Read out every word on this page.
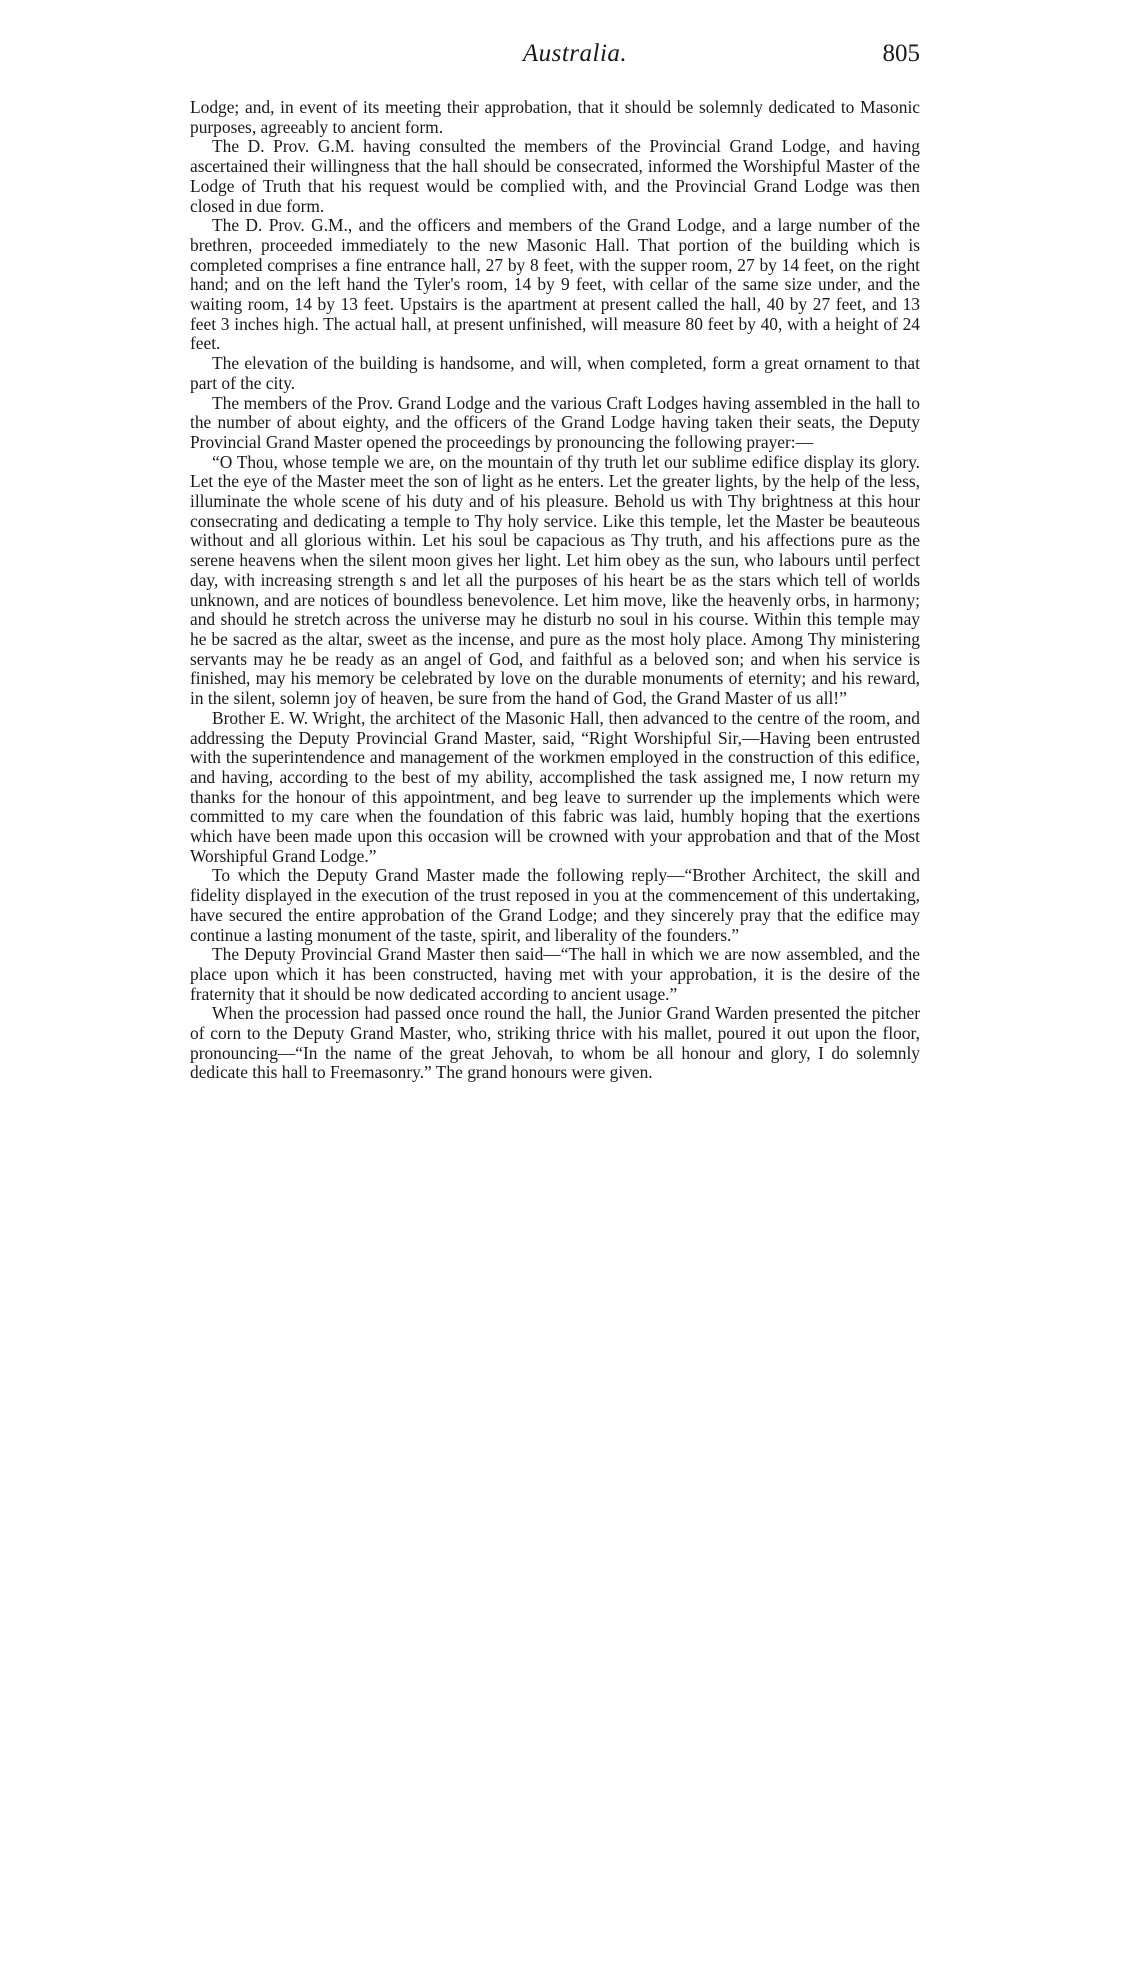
Australia.	805

Lodge; and, in event of its meeting their approbation, that it should be solemnly dedicated to Masonic purposes, agreeably to ancient form.

The D. Prov. G.M. having consulted the members of the Provincial Grand Lodge, and having ascertained their willingness that the hall should be consecrated, informed the Worshipful Master of the Lodge of Truth that his request would be complied with, and the Provincial Grand Lodge was then closed in due form.

The D. Prov. G.M., and the officers and members of the Grand Lodge, and a large number of the brethren, proceeded immediately to the new Masonic Hall. That portion of the building which is completed comprises a fine entrance hall, 27 by 8 feet, with the supper room, 27 by 14 feet, on the right hand; and on the left hand the Tyler's room, 14 by 9 feet, with cellar of the same size under, and the waiting room, 14 by 13 feet. Upstairs is the apartment at present called the hall, 40 by 27 feet, and 13 feet 3 inches high. The actual hall, at present unfinished, will measure 80 feet by 40, with a height of 24 feet.

The elevation of the building is handsome, and will, when completed, form a great ornament to that part of the city.

The members of the Prov. Grand Lodge and the various Craft Lodges having assembled in the hall to the number of about eighty, and the officers of the Grand Lodge having taken their seats, the Deputy Provincial Grand Master opened the proceedings by pronouncing the following prayer:—

“O Thou, whose temple we are, on the mountain of thy truth let our sublime edifice display its glory. Let the eye of the Master meet the son of light as he enters. Let the greater lights, by the help of the less, illuminate the whole scene of his duty and of his pleasure. Behold us with Thy brightness at this hour consecrating and dedicating a temple to Thy holy service. Like this temple, let the Master be beauteous without and all glorious within. Let his soul be capacious as Thy truth, and his affections pure as the serene heavens when the silent moon gives her light. Let him obey as the sun, who labours until perfect day, with increasing strength s and let all the purposes of his heart be as the stars which tell of worlds unknown, and are notices of boundless benevolence. Let him move, like the heavenly orbs, in harmony; and should he stretch across the universe may he disturb no soul in his course. Within this temple may he be sacred as the altar, sweet as the incense, and pure as the most holy place. Among Thy ministering servants may he be ready as an angel of God, and faithful as a beloved son; and when his service is finished, may his memory be celebrated by love on the durable monuments of eternity; and his reward, in the silent, solemn joy of heaven, be sure from the hand of God, the Grand Master of us all!”

Brother E. W. Wright, the architect of the Masonic Hall, then advanced to the centre of the room, and addressing the Deputy Provincial Grand Master, said, “Right Worshipful Sir,—Having been entrusted with the superintendence and management of the workmen employed in the construction of this edifice, and having, according to the best of my ability, accomplished the task assigned me, I now return my thanks for the honour of this appointment, and beg leave to surrender up the implements which were committed to my care when the foundation of this fabric was laid, humbly hoping that the exertions which have been made upon this occasion will be crowned with your approbation and that of the Most Worshipful Grand Lodge.”

To which the Deputy Grand Master made the following reply—“Brother Architect, the skill and fidelity displayed in the execution of the trust reposed in you at the commencement of this undertaking, have secured the entire approbation of the Grand Lodge; and they sincerely pray that the edifice may continue a lasting monument of the taste, spirit, and liberality of the founders.”

The Deputy Provincial Grand Master then said—“The hall in which we are now assembled, and the place upon which it has been constructed, having met with your approbation, it is the desire of the fraternity that it should be now dedicated according to ancient usage.”

When the procession had passed once round the hall, the Junior Grand Warden presented the pitcher of corn to the Deputy Grand Master, who, striking thrice with his mallet, poured it out upon the floor, pronouncing—“In the name of the great Jehovah, to whom be all honour and glory, I do solemnly dedicate this hall to Freemasonry.” The grand honours were given.
